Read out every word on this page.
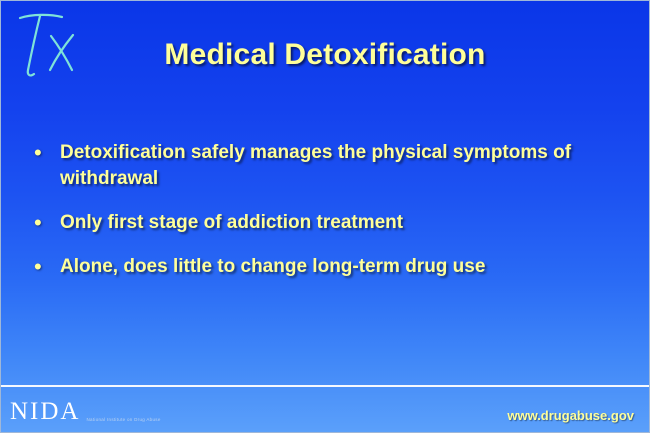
Medical Detoxification
• Detoxification safely manages the physical symptoms of withdrawal
• Only first stage of addiction treatment
• Alone, does little to change long-term drug use
NIDA National Institute on Drug Abuse	www.drugabuse.gov
